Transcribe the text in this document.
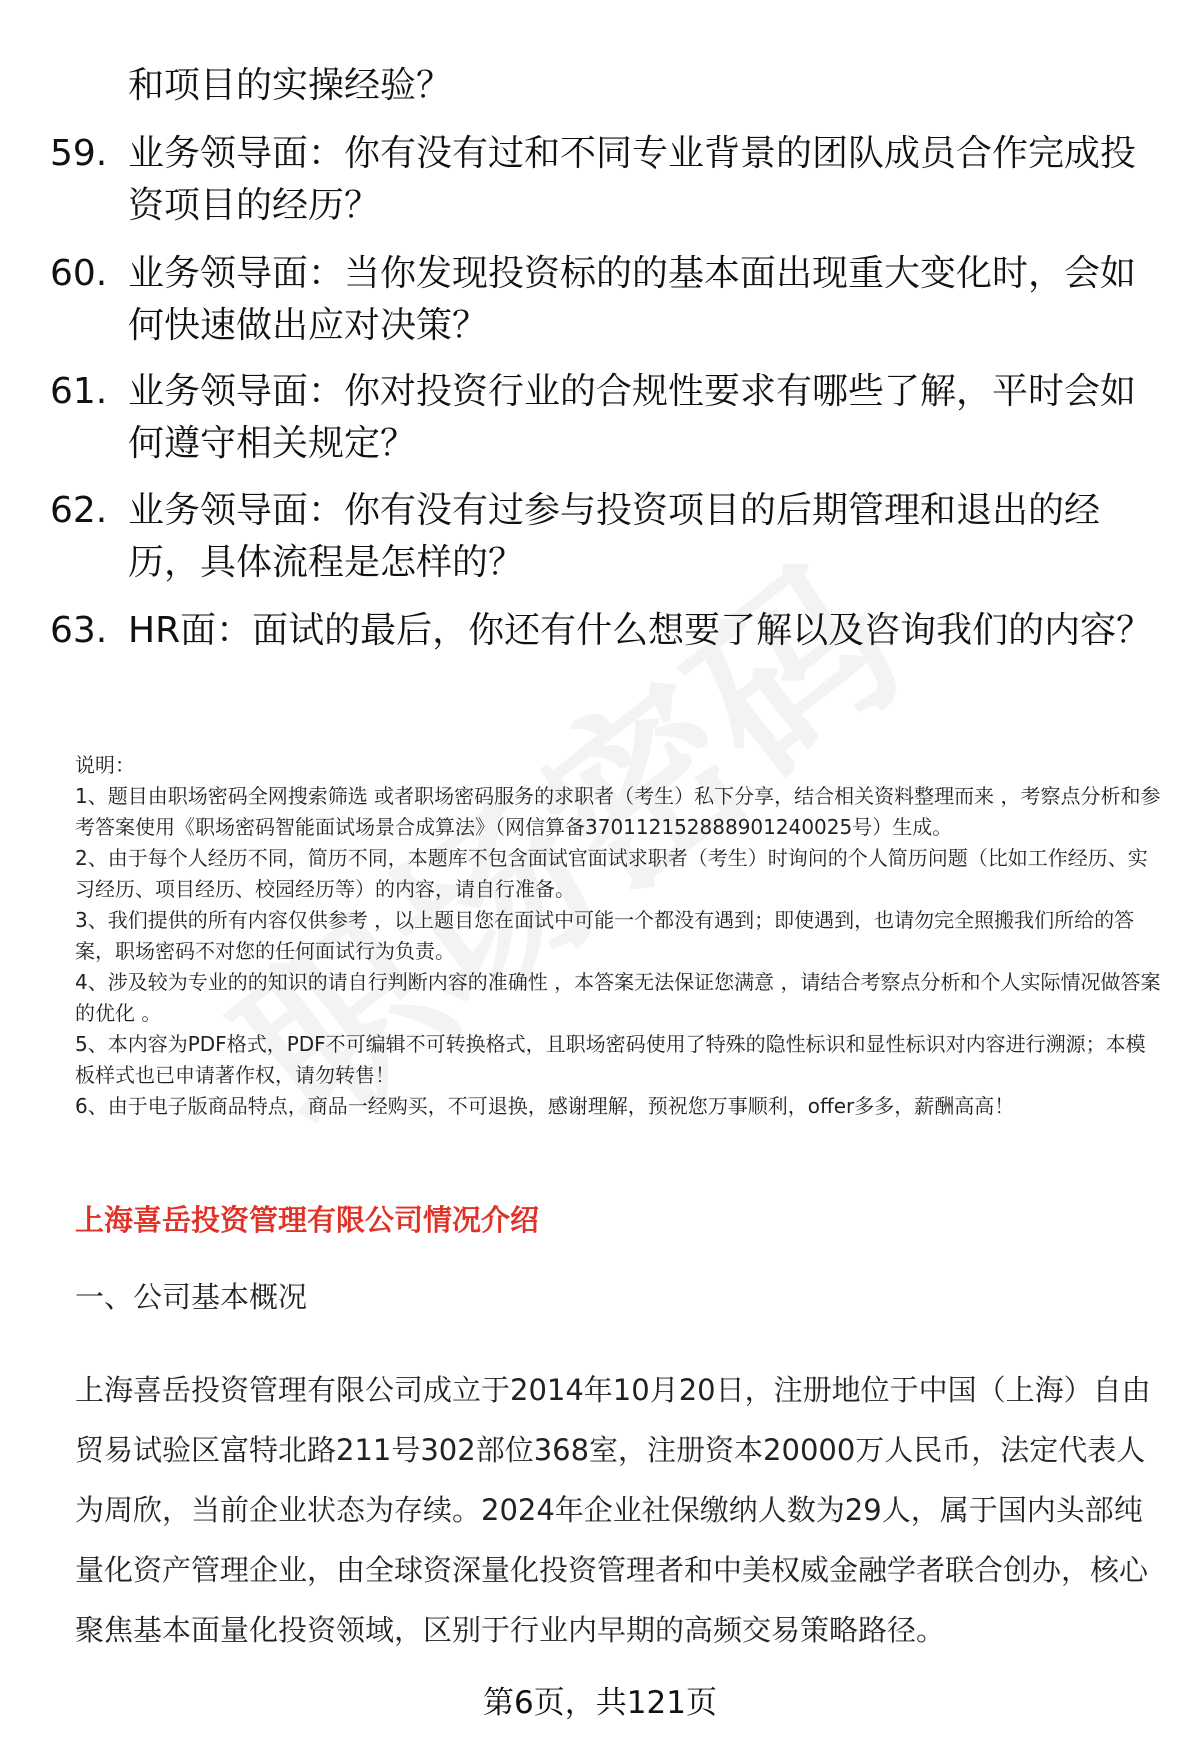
和项目的实操经验？
59. 业务领导面：你有没有过和不同专业背景的团队成员合作完成投资项目的经历？
60. 业务领导面：当你发现投资标的的基本面出现重大变化时，会如何快速做出应对决策？
61. 业务领导面：你对投资行业的合规性要求有哪些了解，平时会如何遵守相关规定？
62. 业务领导面：你有没有过参与投资项目的后期管理和退出的经历，具体流程是怎样的？
63. HR面：面试的最后，你还有什么想要了解以及咨询我们的内容？
说明：
1、题目由职场密码全网搜索筛选 或者职场密码服务的求职者（考生）私下分享，结合相关资料整理而来 ，考察点分析和参考答案使用《职场密码智能面试场景合成算法》（网信算备370112152888901240025号）生成。
2、由于每个人经历不同，简历不同，本题库不包含面试官面试求职者（考生）时询问的个人简历问题（比如工作经历、实习经历、项目经历、校园经历等）的内容，请自行准备。
3、我们提供的所有内容仅供参考 ，以上题目您在面试中可能一个都没有遇到；即使遇到，也请勿完全照搬我们所给的答案，职场密码不对您的任何面试行为负责。
4、涉及较为专业的的知识的请自行判断内容的准确性 ，本答案无法保证您满意 ，请结合考察点分析和个人实际情况做答案的优化 。
5、本内容为PDF格式，PDF不可编辑不可转换格式，且职场密码使用了特殊的隐性标识和显性标识对内容进行溯源；本模板样式也已申请著作权，请勿转售！
6、由于电子版商品特点，商品一经购买，不可退换，感谢理解，预祝您万事顺利，offer多多，薪酬高高！
上海喜岳投资管理有限公司情况介绍
一、公司基本概况
上海喜岳投资管理有限公司成立于2014年10月20日，注册地位于中国（上海）自由贸易试验区富特北路211号302部位368室，注册资本20000万人民币，法定代表人为周欣，当前企业状态为存续。2024年企业社保缴纳人数为29人，属于国内头部纯量化资产管理企业，由全球资深量化投资管理者和中美权威金融学者联合创办，核心聚焦基本面量化投资领域，区别于行业内早期的高频交易策略路径。
第6页，共121页
